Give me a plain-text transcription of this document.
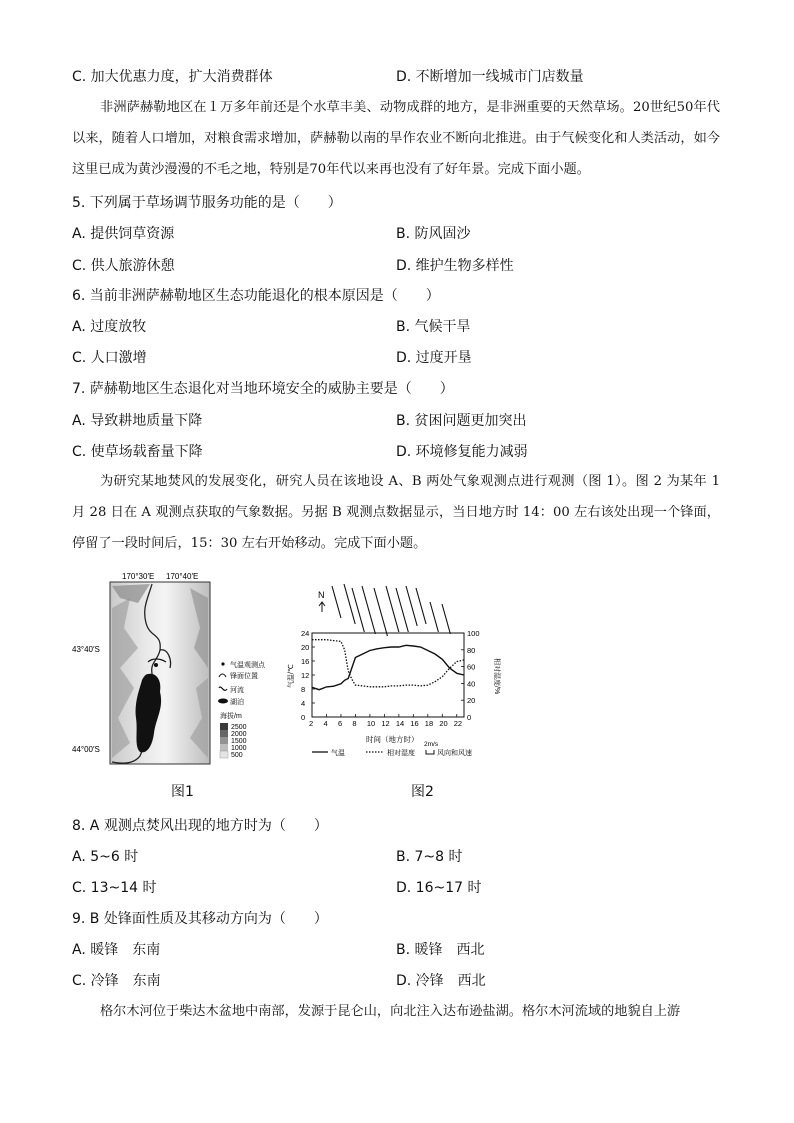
C. 加大优惠力度，扩大消费群体	D. 不断增加一线城市门店数量

非洲萨赫勒地区在１万多年前还是个水草丰美、动物成群的地方，是非洲重要的天然草场。20世纪50年代以来，随着人口增加，对粮食需求增加，萨赫勒以南的旱作农业不断向北推进。由于气候变化和人类活动，如今这里已成为黄沙漫漫的不毛之地，特别是70年代以来再也没有了好年景。完成下面小题。

5. 下列属于草场调节服务功能的是（　　）
A. 提供饲草资源	B. 防风固沙
C. 供人旅游休憩	D. 维护生物多样性
6. 当前非洲萨赫勒地区生态功能退化的根本原因是（　　）
A. 过度放牧	B. 气候干旱
C. 人口激增	D. 过度开垦
7. 萨赫勒地区生态退化对当地环境安全的威胁主要是（　　）
A. 导致耕地质量下降	B. 贫困问题更加突出
C. 使草场载畜量下降	D. 环境修复能力减弱

为研究某地焚风的发展变化，研究人员在该地设 A、B 两处气象观测点进行观测（图 1）。图 2 为某年 1 月 28 日在 A 观测点获取的气象数据。另据 B 观测点数据显示，当日地方时 14：00 左右该处出现一个锋面，停留了一段时间后，15：30 左右开始移动。完成下面小题。

170°30′E 170°40′E
43°40′S
44°00′S
气温观测点
锋面位置
河流
湖泊
海拔/m
2500
2000
1500
1000
500
图1
N
2 4 6 8 10 12 14 16 18 20 22
0
4
8
12
16
20
24
0
20
40
60
80
100
气温/℃	相对湿度/%
时间（地方时）
气温	相对湿度
2m/s
风向和风速
图2
8. A 观测点焚风出现的地方时为（　　）
A. 5~6 时	B. 7~8 时
C. 13~14 时	D. 16~17 时
9. B 处锋面性质及其移动方向为（　　）
A. 暖锋　东南	B. 暖锋　西北
C. 冷锋　东南	D. 冷锋　西北

格尔木河位于柴达木盆地中南部，发源于昆仑山，向北注入达布逊盐湖。格尔木河流域的地貌自上游
